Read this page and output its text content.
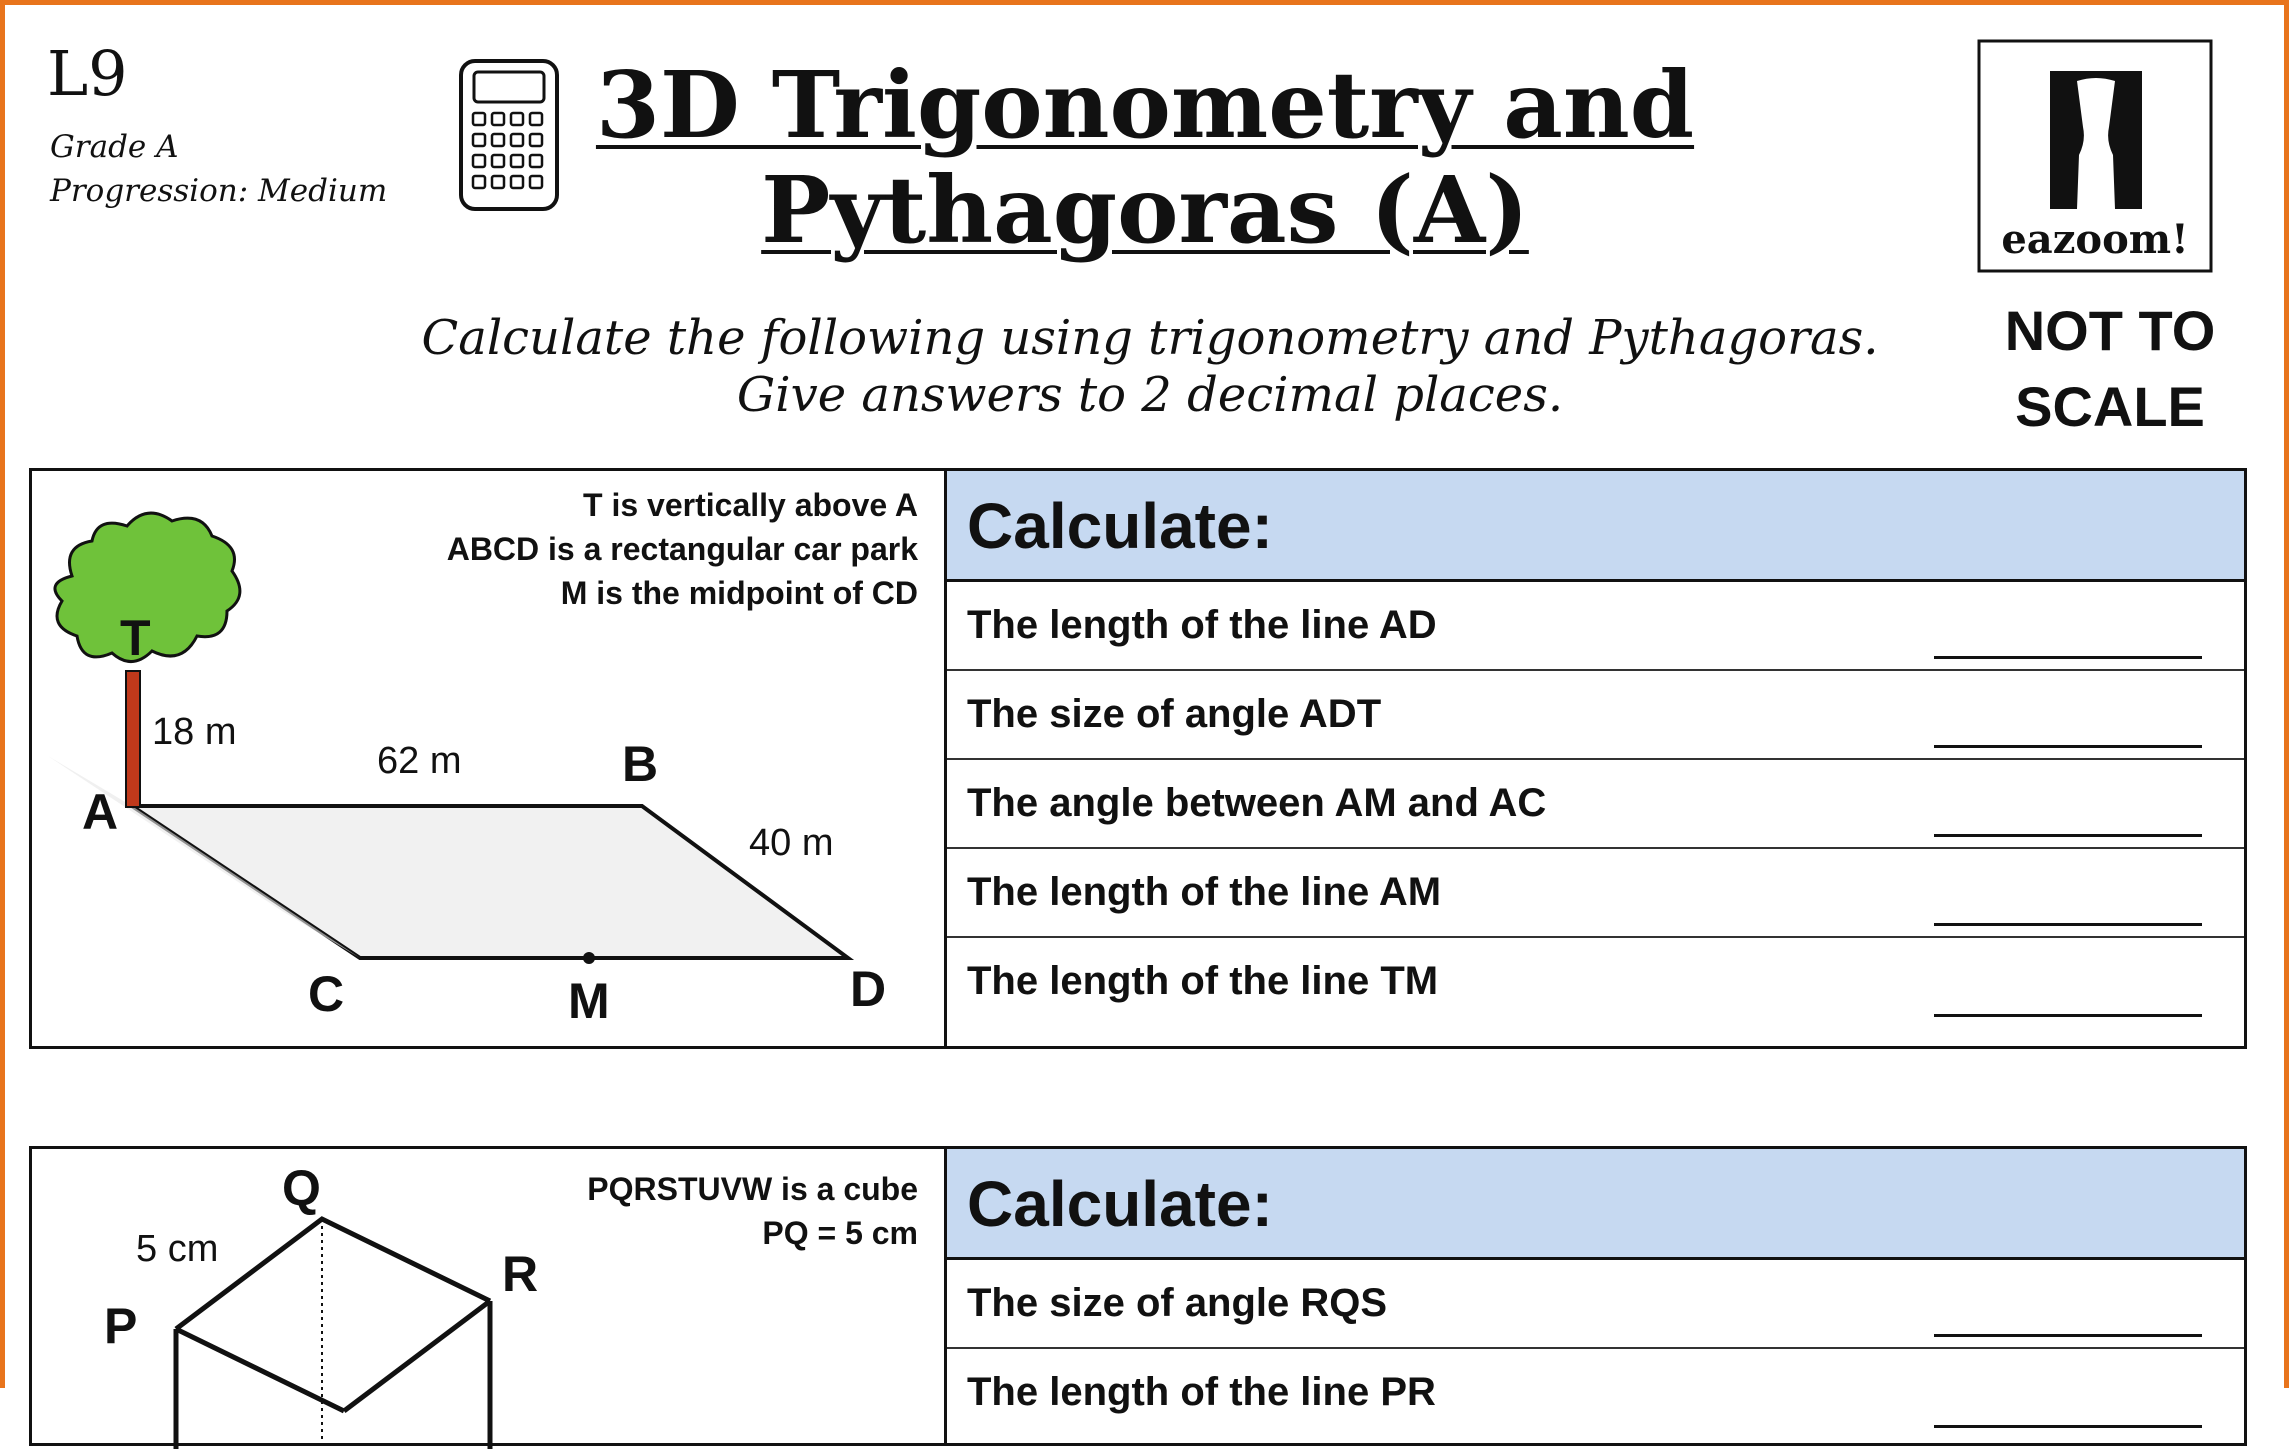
L9
Grade A
Progression: Medium
3D Trigonometry and
Pythagoras (A)	eazoom!
NOT TO
SCALE
Calculate the following using trigonometry and Pythagoras.
Give answers to 2 decimal places.
T is vertically above A
ABCD is a rectangular car park
M is the midpoint of CD
T
18 m
62 m
40 m
A
B
C	D
M
Calculate:
The length of the line AD
The size of angle ADT
The angle between AM and AC
The length of the line AM
The length of the line TM
PQRSTUVW is a cube
PQ = 5 cm
Q
5 cm
P
R
Calculate:
The size of angle RQS
The length of the line PR
